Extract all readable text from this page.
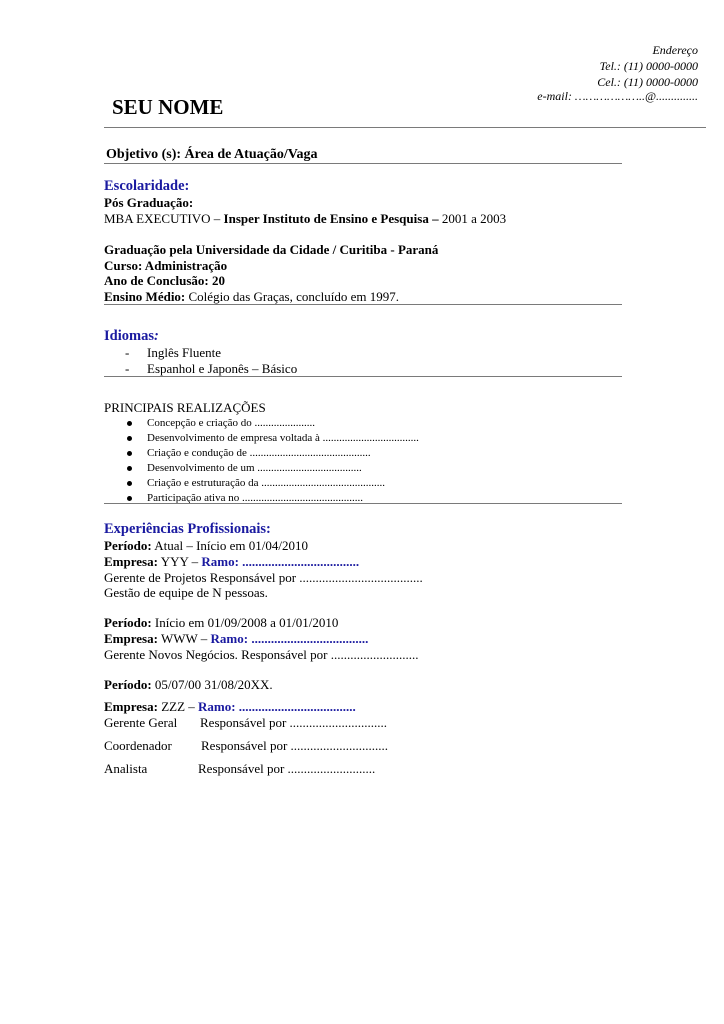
Endereço
Tel.: (11) 0000-0000
Cel.: (11) 0000-0000
e-mail: ………………..@..............
SEU NOME
Objetivo (s): Área de Atuação/Vaga
Escolaridade:
Pós Graduação:
MBA EXECUTIVO – Insper Instituto de Ensino e Pesquisa – 2001 a 2003
Graduação pela Universidade da Cidade / Curitiba - Paraná
Curso: Administração
Ano de Conclusão: 20
Ensino Médio: Colégio das Graças, concluído em 1997.
Idiomas:
- Inglês Fluente
- Espanhol e Japonês – Básico
PRINCIPAIS REALIZAÇÕES
Concepção e criação do ......................
Desenvolvimento de empresa voltada à ...................................
Criação e condução de ............................................
Desenvolvimento de um ......................................
Criação e estruturação da .............................................
Participação ativa no ............................................
Experiências Profissionais:
Período: Atual – Início em 01/04/2010
Empresa: YYY – Ramo: ....................................
Gerente de Projetos Responsável por ......................................
Gestão de equipe de N pessoas.
Período: Início em 01/09/2008 a 01/01/2010
Empresa: WWW – Ramo: ....................................
Gerente Novos Negócios. Responsável por ...........................
Período: 05/07/00 31/08/20XX.
Empresa: ZZZ – Ramo: ....................................
Gerente Geral Responsável por ..............................
Coordenador Responsável por ..............................
Analista	Responsável por ...........................
